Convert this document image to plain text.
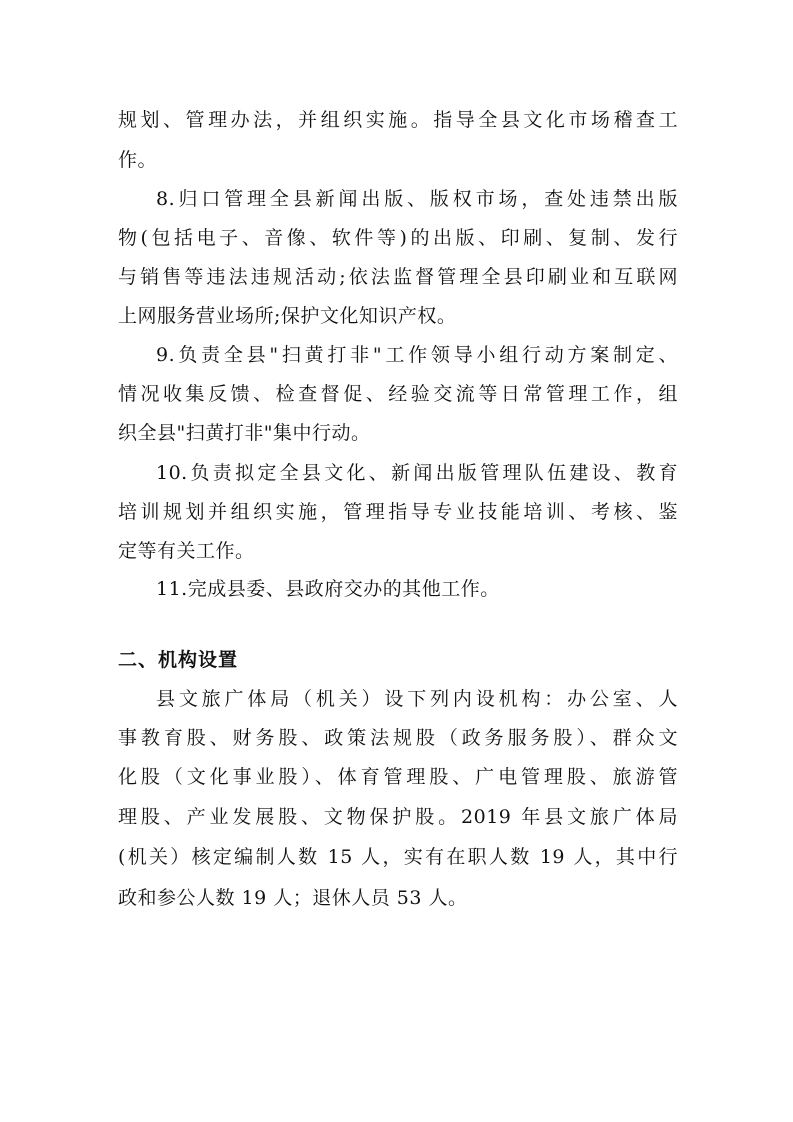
规划、管理办法，并组织实施。指导全县文化市场稽查工
作。
8.归口管理全县新闻出版、版权市场，查处违禁出版
物(包括电子、音像、软件等)的出版、印刷、复制、发行
与销售等违法违规活动;依法监督管理全县印刷业和互联网
上网服务营业场所;保护文化知识产权。
9.负责全县"扫黄打非"工作领导小组行动方案制定、
情况收集反馈、检查督促、经验交流等日常管理工作，组
织全县"扫黄打非"集中行动。
10.负责拟定全县文化、新闻出版管理队伍建设、教育
培训规划并组织实施，管理指导专业技能培训、考核、鉴
定等有关工作。
11.完成县委、县政府交办的其他工作。
二、机构设置
县文旅广体局（机关）设下列内设机构：办公室、人
事教育股、财务股、政策法规股（政务服务股）、群众文
化股（文化事业股）、体育管理股、广电管理股、旅游管
理股、产业发展股、文物保护股。2019 年县文旅广体局
(机关）核定编制人数 15 人，实有在职人数 19 人，其中行
政和参公人数 19 人；退休人员 53 人。
